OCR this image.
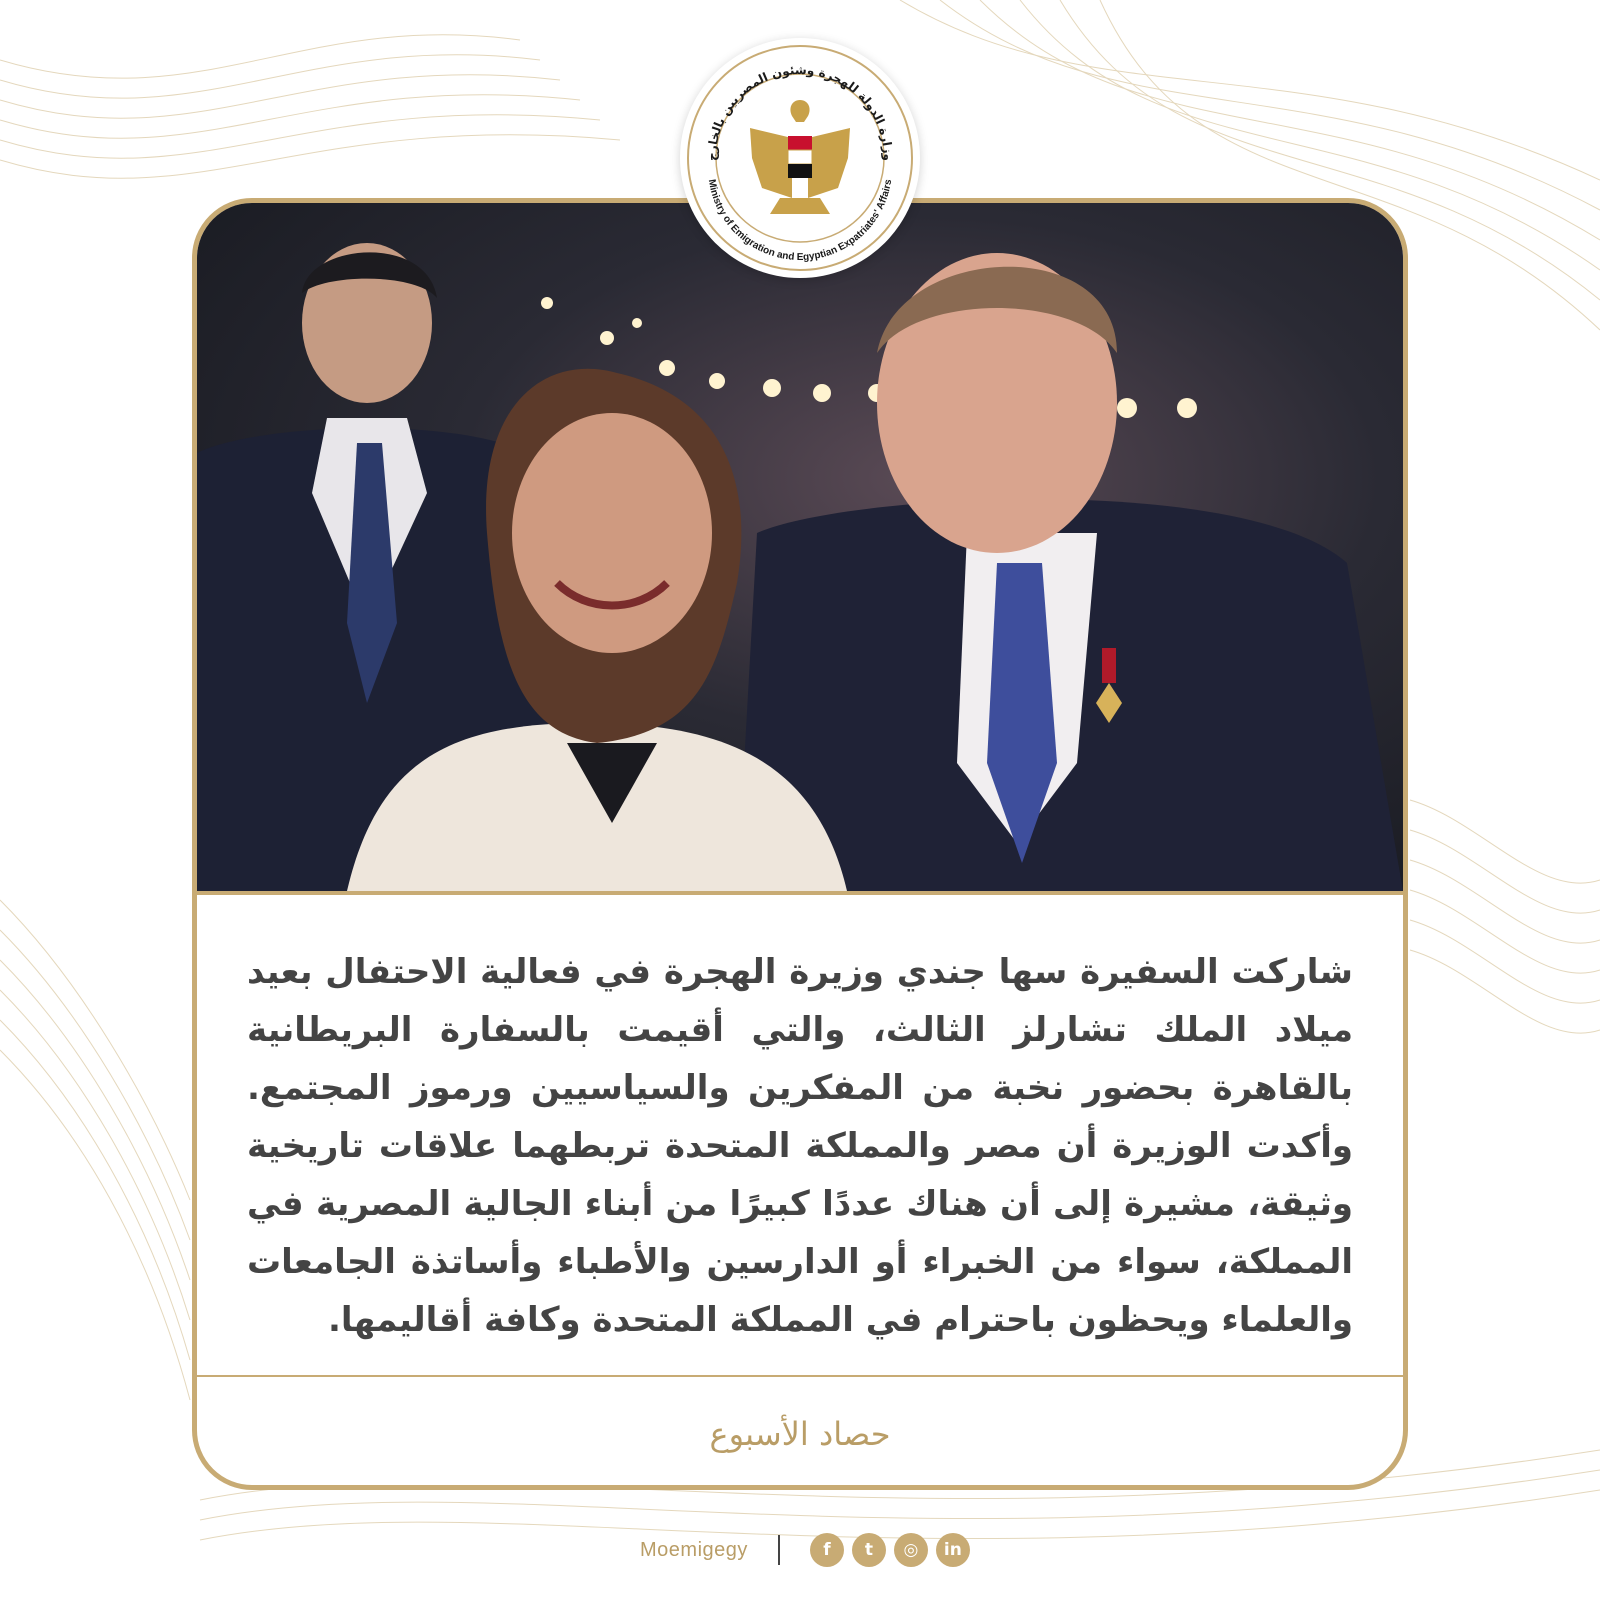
شاركت السفيرة سها جندي وزيرة الهجرة في فعالية الاحتفال بعيد ميلاد الملك تشارلز الثالث، والتي أقيمت بالسفارة البريطانية بالقاهرة بحضور نخبة من المفكرين والسياسيين ورموز المجتمع. وأكدت الوزيرة أن مصر والمملكة المتحدة تربطهما علاقات تاريخية وثيقة، مشيرة إلى أن هناك عددًا كبيرًا من أبناء الجالية المصرية في المملكة، سواء من الخبراء أو الدارسين والأطباء وأساتذة الجامعات والعلماء ويحظون باحترام في المملكة المتحدة وكافة أقاليمها.

حصاد الأسبوع
وزارة الدولة للهجرة وشئون المصريين بالخارج
Ministry of Emigration and Egyptian Expatriates' Affairs
Moemigegy	f	t	◎	in
